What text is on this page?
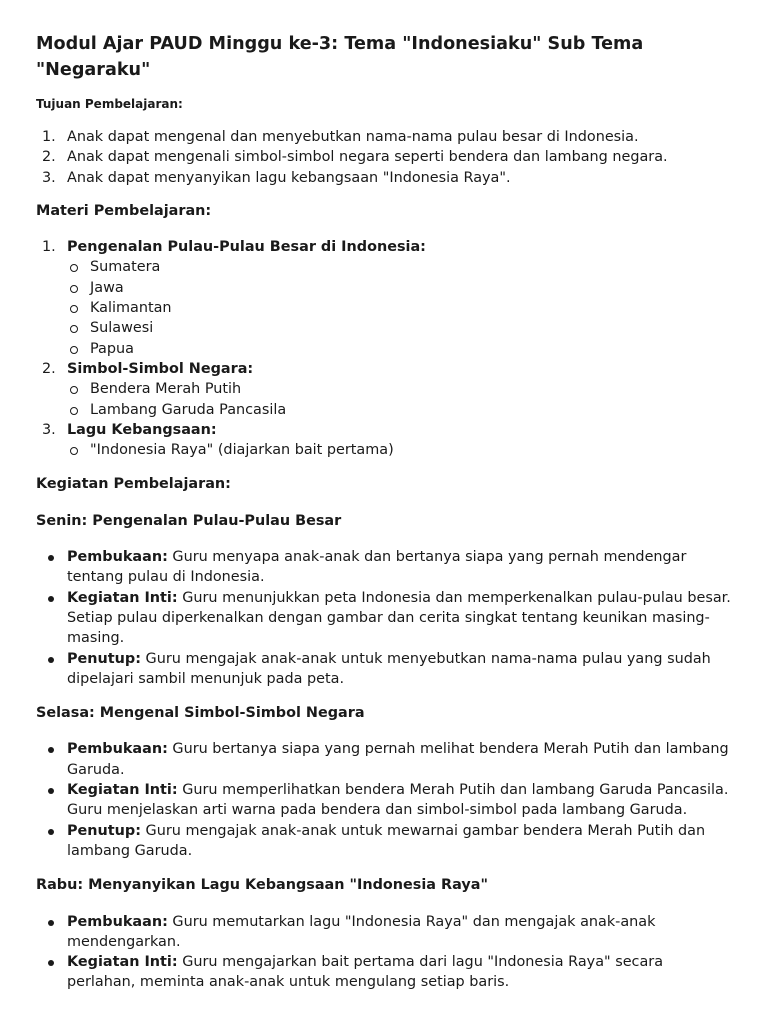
Modul Ajar PAUD Minggu ke-3: Tema "Indonesiaku" Sub Tema "Negaraku"
Tujuan Pembelajaran:
1. Anak dapat mengenal dan menyebutkan nama-nama pulau besar di Indonesia.
2. Anak dapat mengenali simbol-simbol negara seperti bendera dan lambang negara.
3. Anak dapat menyanyikan lagu kebangsaan "Indonesia Raya".
Materi Pembelajaran:
1. Pengenalan Pulau-Pulau Besar di Indonesia:
Sumatera
Jawa
Kalimantan
Sulawesi
Papua
2. Simbol-Simbol Negara:
Bendera Merah Putih
Lambang Garuda Pancasila
3. Lagu Kebangsaan:
"Indonesia Raya" (diajarkan bait pertama)
Kegiatan Pembelajaran:
Senin: Pengenalan Pulau-Pulau Besar
Pembukaan: Guru menyapa anak-anak dan bertanya siapa yang pernah mendengar tentang pulau di Indonesia.
Kegiatan Inti: Guru menunjukkan peta Indonesia dan memperkenalkan pulau-pulau besar. Setiap pulau diperkenalkan dengan gambar dan cerita singkat tentang keunikan masing-masing.
Penutup: Guru mengajak anak-anak untuk menyebutkan nama-nama pulau yang sudah dipelajari sambil menunjuk pada peta.
Selasa: Mengenal Simbol-Simbol Negara
Pembukaan: Guru bertanya siapa yang pernah melihat bendera Merah Putih dan lambang Garuda.
Kegiatan Inti: Guru memperlihatkan bendera Merah Putih dan lambang Garuda Pancasila. Guru menjelaskan arti warna pada bendera dan simbol-simbol pada lambang Garuda.
Penutup: Guru mengajak anak-anak untuk mewarnai gambar bendera Merah Putih dan lambang Garuda.
Rabu: Menyanyikan Lagu Kebangsaan "Indonesia Raya"
Pembukaan: Guru memutarkan lagu "Indonesia Raya" dan mengajak anak-anak mendengarkan.
Kegiatan Inti: Guru mengajarkan bait pertama dari lagu "Indonesia Raya" secara perlahan, meminta anak-anak untuk mengulang setiap baris.
